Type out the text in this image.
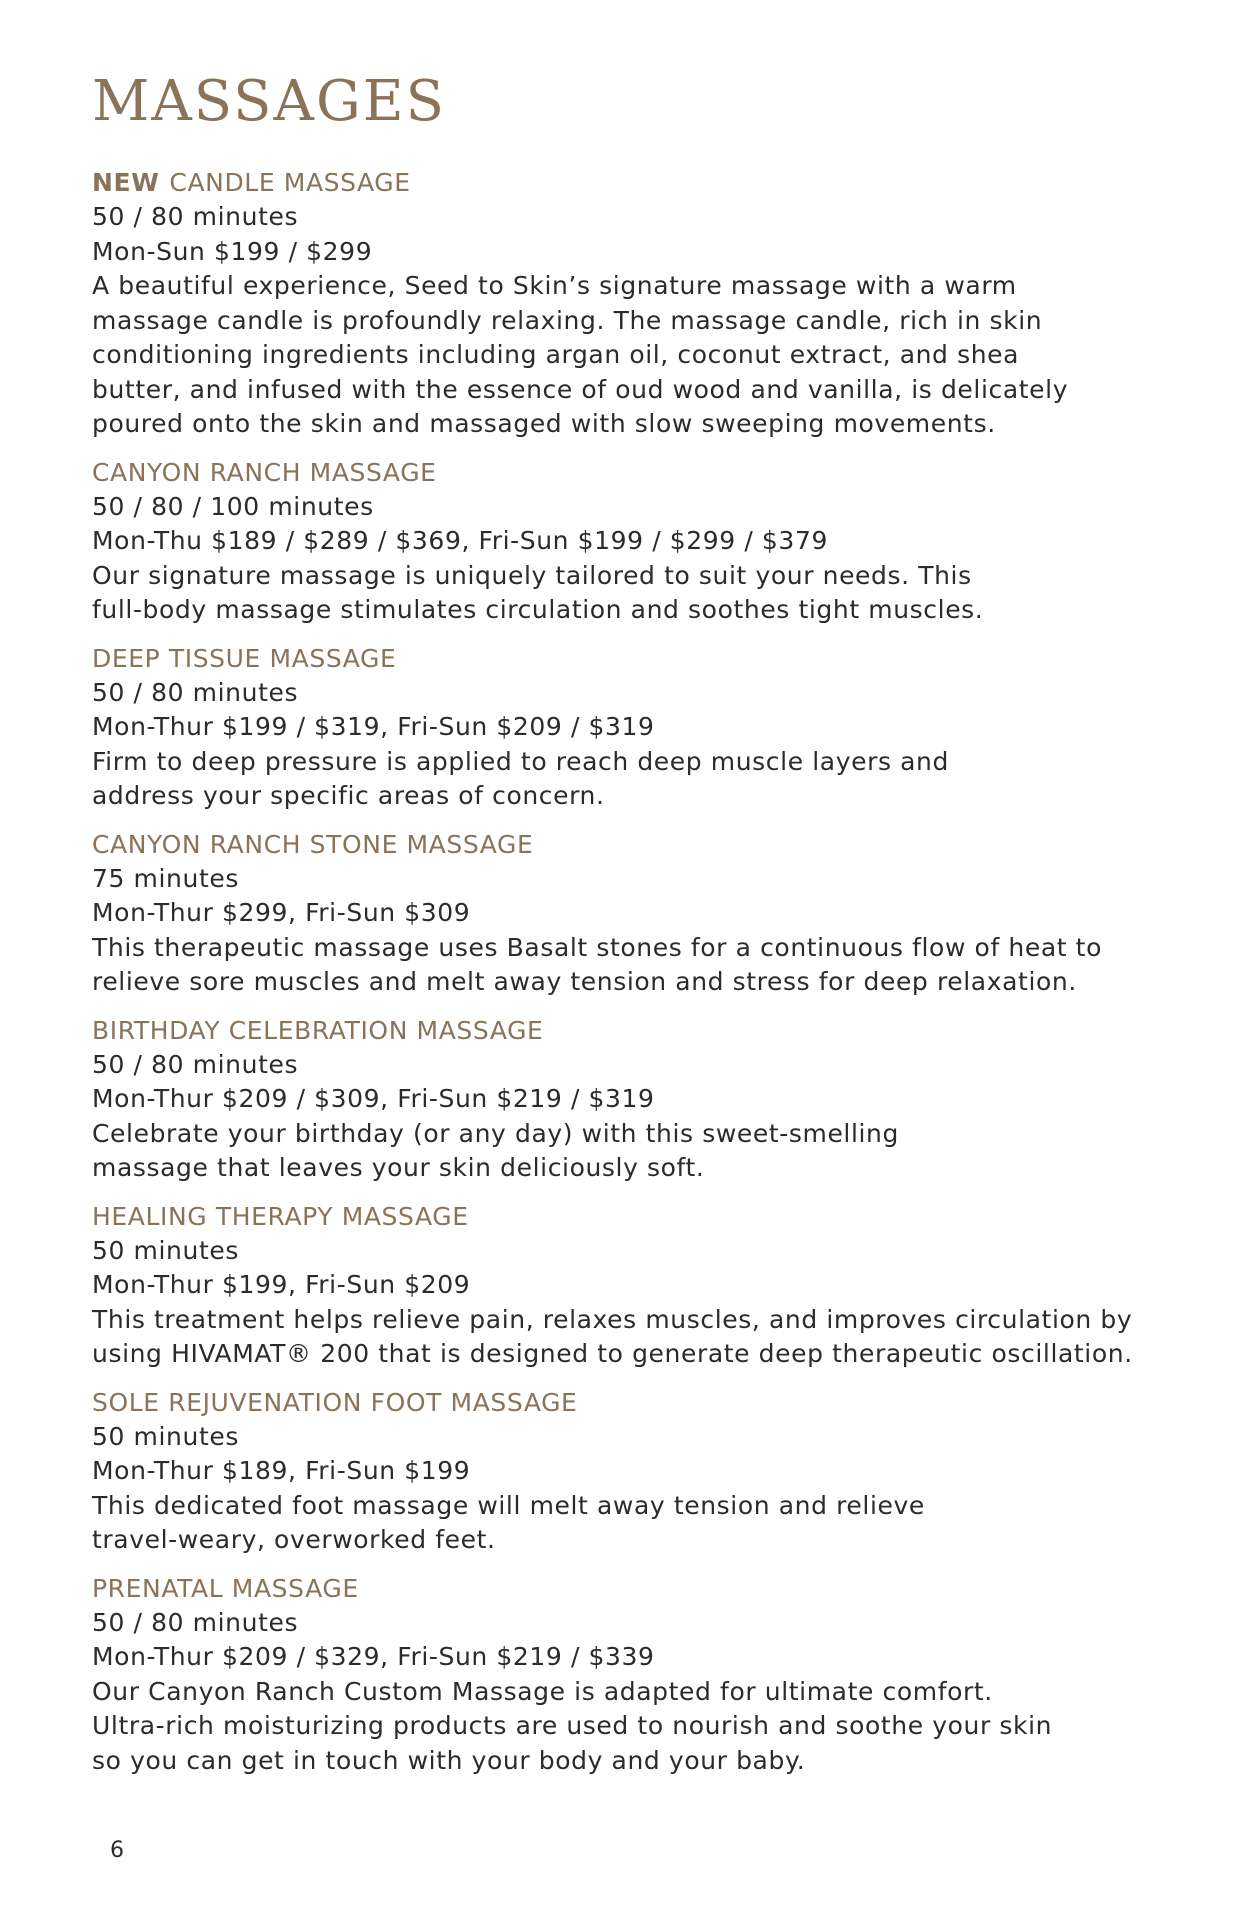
MASSAGES
NEW CANDLE MASSAGE
50 / 80 minutes
Mon-Sun $199 / $299

A beautiful experience, Seed to Skin’s signature massage with a warm

massage candle is profoundly relaxing. The massage candle, rich in skin

conditioning ingredients including argan oil, coconut extract, and shea

butter, and infused with the essence of oud wood and vanilla, is delicately

poured onto the skin and massaged with slow sweeping movements.

CANYON RANCH MASSAGE
50 / 80 / 100 minutes
Mon-Thu $189 / $289 / $369, Fri-Sun $199 / $299 / $379

Our signature massage is uniquely tailored to suit your needs. This

full-body massage stimulates circulation and soothes tight muscles.

DEEP TISSUE MASSAGE
50 / 80 minutes
Mon-Thur $199 / $319, Fri-Sun $209 / $319

Firm to deep pressure is applied to reach deep muscle layers and

address your specific areas of concern.

CANYON RANCH STONE MASSAGE
75 minutes
Mon-Thur $299, Fri-Sun $309

This therapeutic massage uses Basalt stones for a continuous flow of heat to

relieve sore muscles and melt away tension and stress for deep relaxation.

BIRTHDAY CELEBRATION MASSAGE
50 / 80 minutes
Mon-Thur $209 / $309, Fri-Sun $219 / $319

Celebrate your birthday (or any day) with this sweet-smelling

massage that leaves your skin deliciously soft.

HEALING THERAPY MASSAGE
50 minutes
Mon-Thur $199, Fri-Sun $209

This treatment helps relieve pain, relaxes muscles, and improves circulation by

using HIVAMAT® 200 that is designed to generate deep therapeutic oscillation.

SOLE REJUVENATION FOOT MASSAGE
50 minutes
Mon-Thur $189, Fri-Sun $199

This dedicated foot massage will melt away tension and relieve

travel-weary, overworked feet.

PRENATAL MASSAGE
50 / 80 minutes
Mon-Thur $209 / $329, Fri-Sun $219 / $339

Our Canyon Ranch Custom Massage is adapted for ultimate comfort.

Ultra-rich moisturizing products are used to nourish and soothe your skin

so you can get in touch with your body and your baby.

6
